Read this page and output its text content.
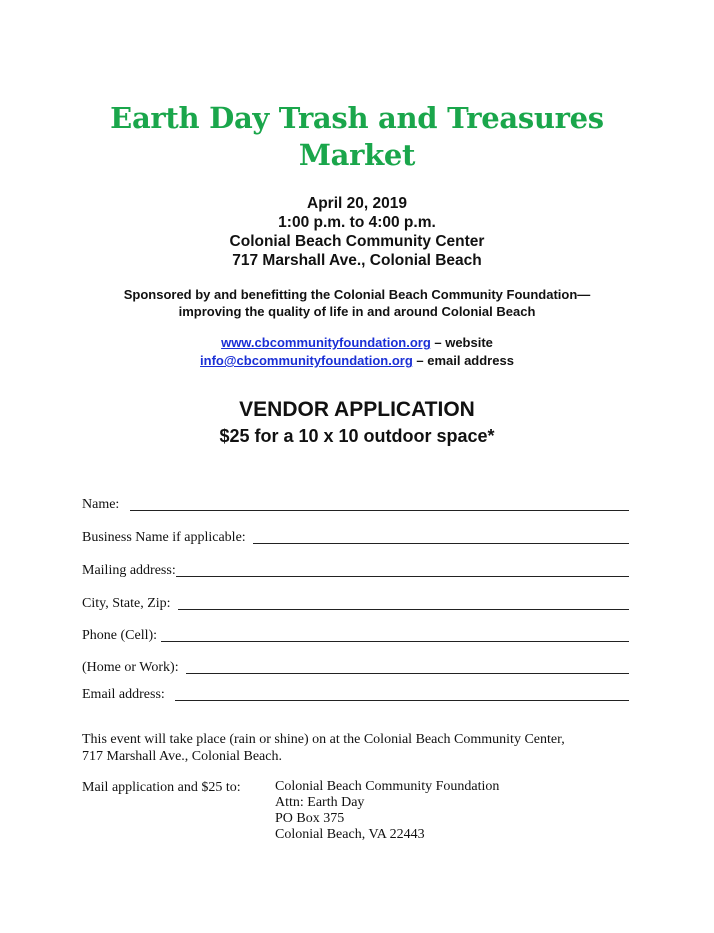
Earth Day Trash and Treasures
Market
April 20, 2019
1:00 p.m. to 4:00 p.m.
Colonial Beach Community Center
717 Marshall Ave., Colonial Beach
Sponsored by and benefitting the Colonial Beach Community Foundation—
improving the quality of life in and around Colonial Beach
www.cbcommunityfoundation.org – website
info@cbcommunityfoundation.org – email address
VENDOR APPLICATION
$25 for a 10 x 10 outdoor space*
Name:
Business Name if applicable:
Mailing address:
City, State, Zip:
Phone (Cell):
(Home or Work):
Email address:
This event will take place (rain or shine) on at the Colonial Beach Community Center,
717 Marshall Ave., Colonial Beach.
Mail application and $25 to:	Colonial Beach Community Foundation
Attn: Earth Day
PO Box 375
Colonial Beach, VA 22443
